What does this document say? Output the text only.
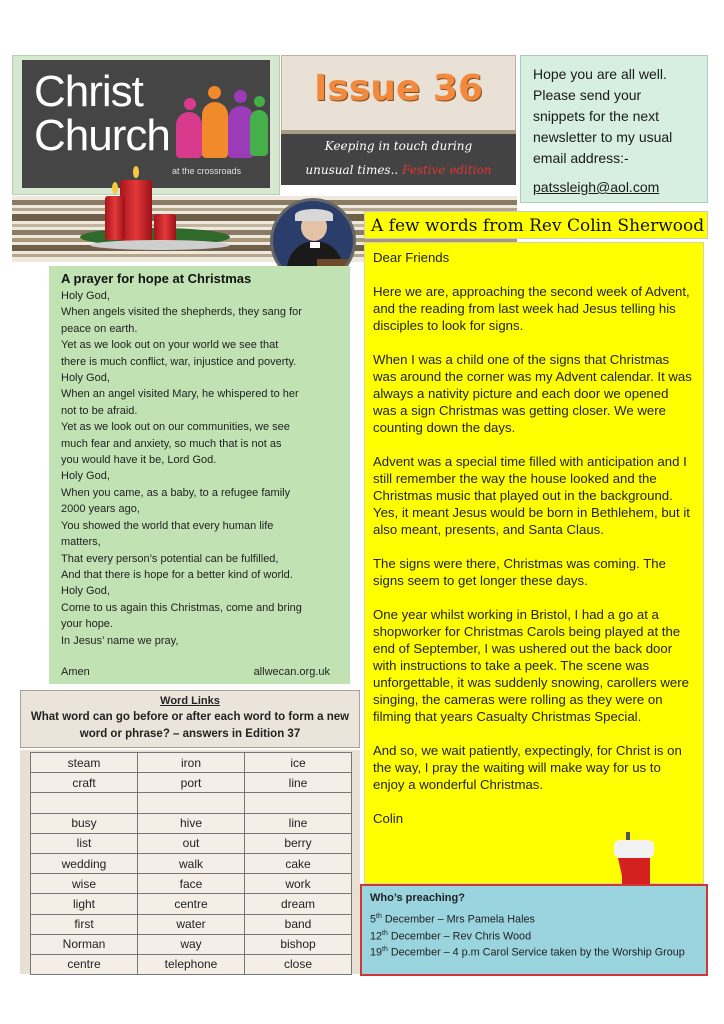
Christ
Church
at the crossroads
Issue 36
Keeping in touch during
unusual times.. Festive edition
Hope you are all well. Please send your snippets for the next newsletter to my usual email address:-
patssleigh@aol.com
A few words from Rev Colin Sherwood

Dear Friends

Here we are, approaching the second week of Advent, and the reading from last week had Jesus telling his disciples to look for signs.

When I was a child one of the signs that Christmas was around the corner was my Advent calendar. It was always a nativity picture and each door we opened was a sign Christmas was getting closer. We were counting down the days.

Advent was a special time filled with anticipation and I still remember the way the house looked and the Christmas music that played out in the background. Yes, it meant Jesus would be born in Bethlehem, but it also meant, presents, and Santa Claus.

The signs were there, Christmas was coming. The signs seem to get longer these days.

One year whilst working in Bristol, I had a go at a shopworker for Christmas Carols being played at the end of September, I was ushered out the back door with instructions to take a peek. The scene was unforgettable, it was suddenly snowing, carollers were singing, the cameras were rolling as they were on filming that years Casualty Christmas Special.

And so, we wait patiently, expectingly, for Christ is on the way, I pray the waiting will make way for us to enjoy a wonderful Christmas.

Colin

A prayer for hope at Christmas
Holy God,
When angels visited the shepherds, they sang for
peace on earth.
Yet as we look out on your world we see that
there is much conflict, war, injustice and poverty.
Holy God,
When an angel visited Mary, he whispered to her
not to be afraid.
Yet as we look out on our communities, we see
much fear and anxiety, so much that is not as
you would have it be, Lord God.
Holy God,
When you came, as a baby, to a refugee family
2000 years ago,
You showed the world that every human life
matters,
That every person’s potential can be fulfilled,
And that there is hope for a better kind of world.
Holy God,
Come to us again this Christmas, come and bring
your hope.
In Jesus’ name we pray,
Amen	allwecan.org.uk
Word Links
What word can go before or after each word to form a new word or phrase? – answers in Edition 37
steam	iron	ice
craft	port	line

busy	hive	line
list	out	berry
wedding	walk	cake
wise	face	work
light	centre	dream
first	water	band
Norman	way	bishop
centre	telephone	close
Who’s preaching?
5th December – Mrs Pamela Hales
12th December – Rev Chris Wood
19th December – 4 p.m Carol Service taken by the Worship Group
